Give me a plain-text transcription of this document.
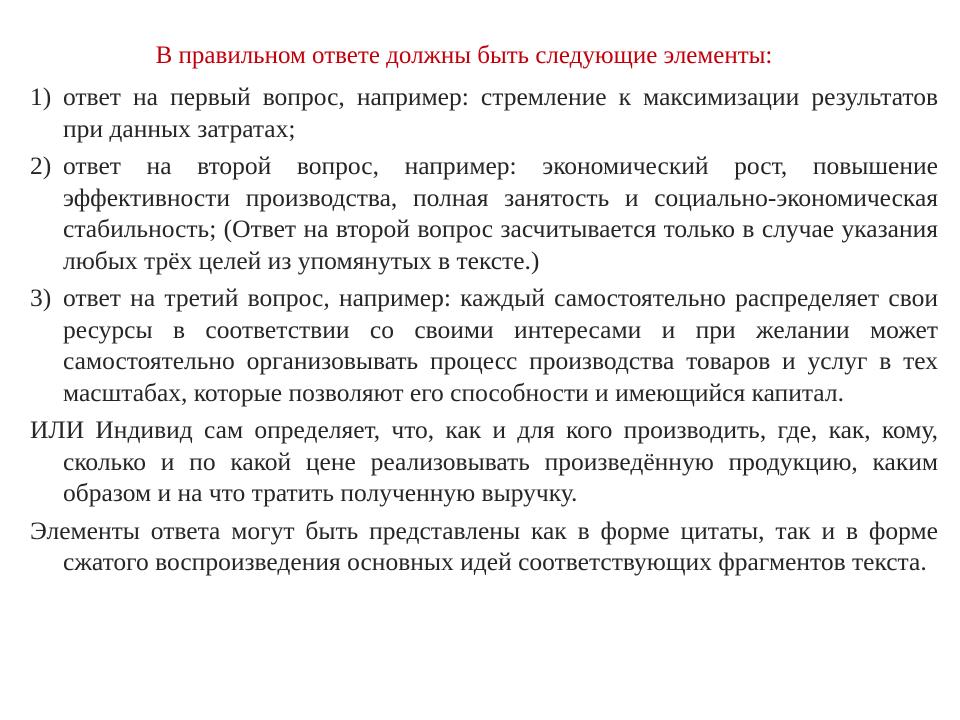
В правильном ответе должны быть следующие элементы:
1) ответ на первый вопрос, например: стремление к максимизации результатов при данных затратах;
2) ответ на второй вопрос, например: экономический рост, повышение эффективности производства, полная занятость и социально-экономическая стабильность; (Ответ на второй вопрос засчитывается только в случае указания любых трёх целей из упомянутых в тексте.)
3) ответ на третий вопрос, например: каждый самостоятельно распределяет свои ресурсы в соответствии со своими интересами и при желании может самостоятельно организовывать процесс производства товаров и услуг в тех масштабах, которые позволяют его способности и имеющийся капитал.
ИЛИ Индивид сам определяет, что, как и для кого производить, где, как, кому, сколько и по какой цене реализовывать произведённую продукцию, каким образом и на что тратить полученную выручку.
Элементы ответа могут быть представлены как в форме цитаты, так и в форме сжатого воспроизведения основных идей соответствующих фрагментов текста.
